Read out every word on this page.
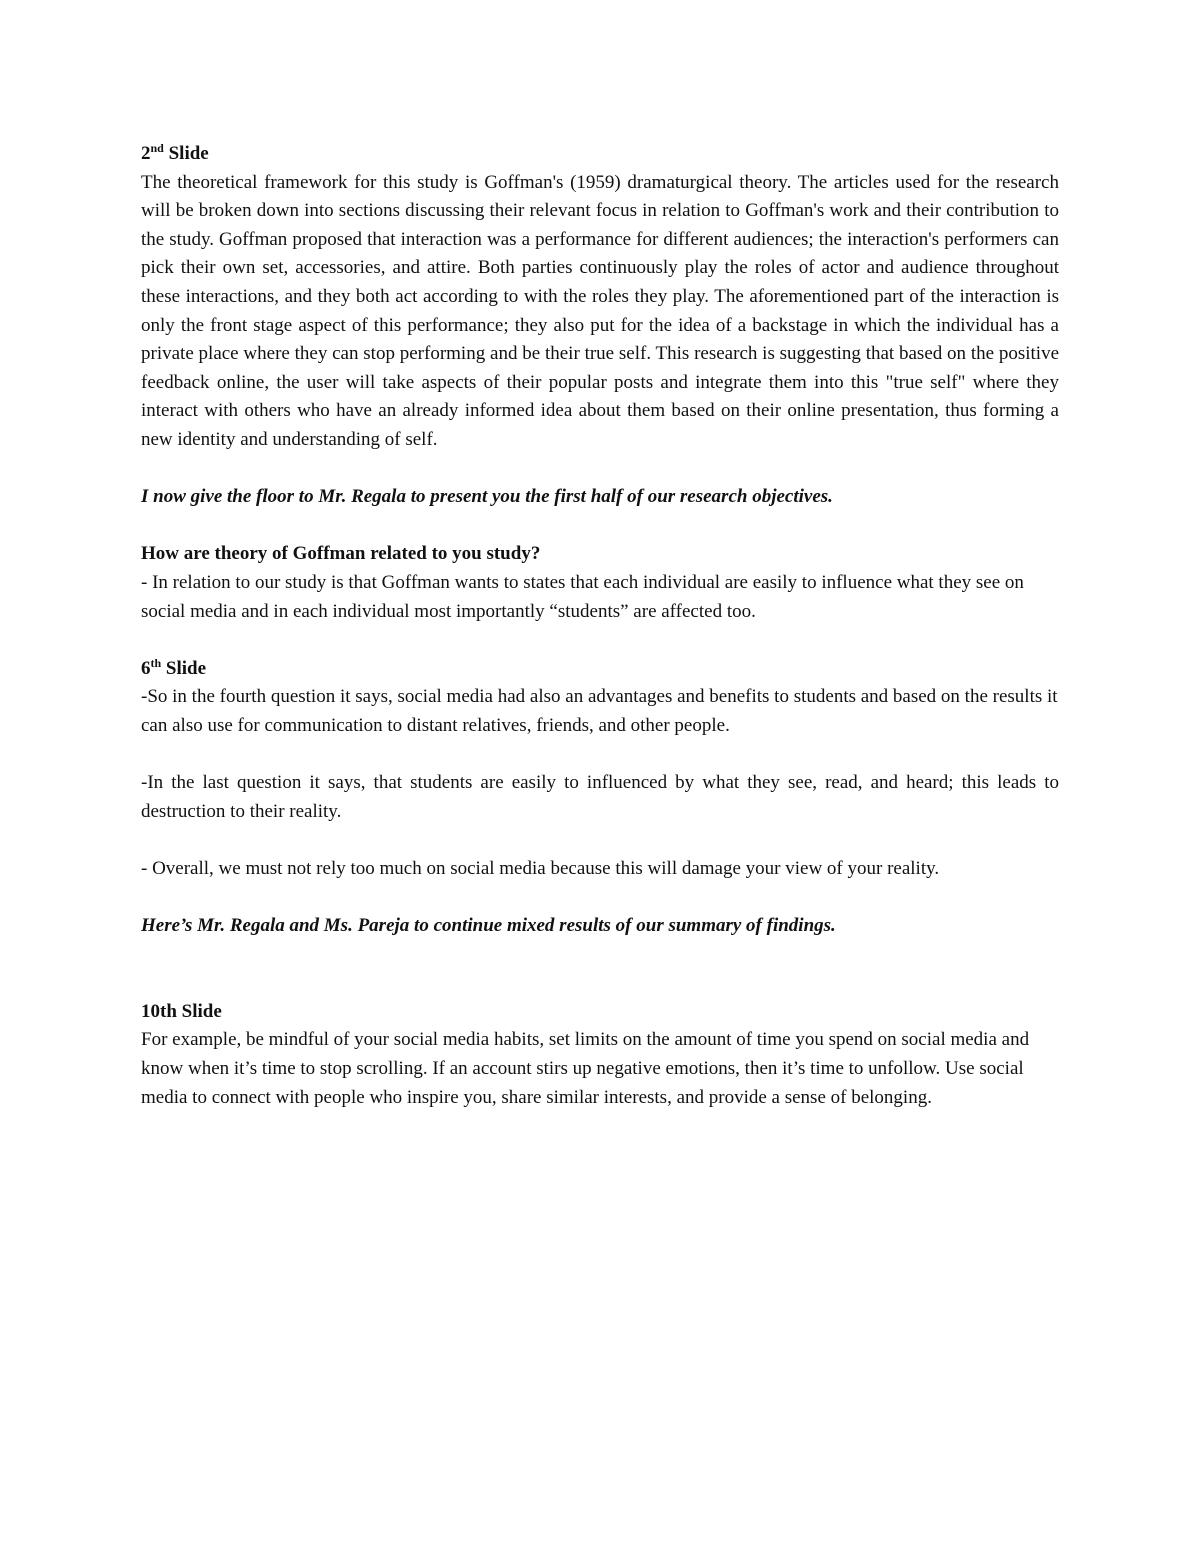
2nd Slide

The theoretical framework for this study is Goffman's (1959) dramaturgical theory. The articles used for the research will be broken down into sections discussing their relevant focus in relation to Goffman's work and their contribution to the study. Goffman proposed that interaction was a performance for different audiences; the interaction's performers can pick their own set, accessories, and attire. Both parties continuously play the roles of actor and audience throughout these interactions, and they both act according to with the roles they play. The aforementioned part of the interaction is only the front stage aspect of this performance; they also put for the idea of a backstage in which the individual has a private place where they can stop performing and be their true self. This research is suggesting that based on the positive feedback online, the user will take aspects of their popular posts and integrate them into this "true self" where they interact with others who have an already informed idea about them based on their online presentation, thus forming a new identity and understanding of self.

I now give the floor to Mr. Regala to present you the first half of our research objectives.

How are theory of Goffman related to you study?

- In relation to our study is that Goffman wants to states that each individual are easily to influence what they see on social media and in each individual most importantly “students” are affected too.

6th Slide

-So in the fourth question it says, social media had also an advantages and benefits to students and based on the results it can also use for communication to distant relatives, friends, and other people.

-In the last question it says, that students are easily to influenced by what they see, read, and heard; this leads to destruction to their reality.

- Overall, we must not rely too much on social media because this will damage your view of your reality.

Here’s Mr. Regala and Ms. Pareja to continue mixed results of our summary of findings.

10th Slide

For example, be mindful of your social media habits, set limits on the amount of time you spend on social media and know when it’s time to stop scrolling. If an account stirs up negative emotions, then it’s time to unfollow. Use social media to connect with people who inspire you, share similar interests, and provide a sense of belonging.
